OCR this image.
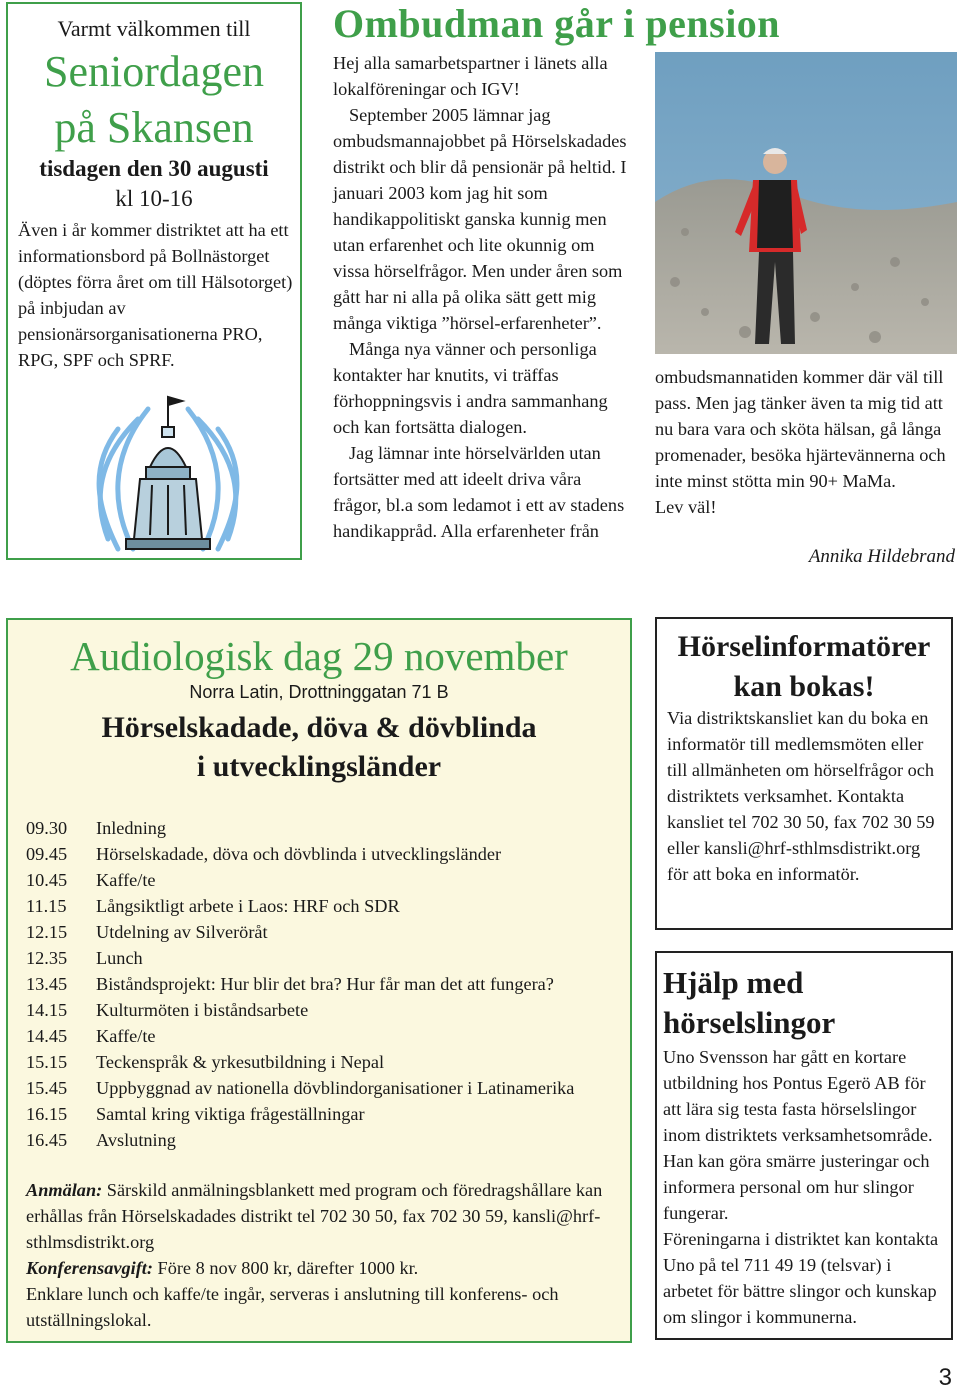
Varmt välkommen till
Seniordagen
på Skansen
tisdagen den 30 augusti
kl 10-16

Även i år kommer distriktet att ha ett informationsbord på Bollnästorget (döptes förra året om till Hälsotorget) på inbjudan av pensionärsorganisationerna PRO, RPG, SPF och SPRF.

Ombudman går i pension

Hej alla samarbetspartner i länets alla lokalföreningar och IGV!

September 2005 lämnar jag ombudsmannajobbet på Hörselskadades distrikt och blir då pensionär på heltid. I januari 2003 kom jag hit som handikappolitiskt ganska kunnig men utan erfarenhet och lite okunnig om vissa hörselfrågor. Men under åren som gått har ni alla på olika sätt gett mig många viktiga ”hörsel-erfarenheter”.

Många nya vänner och personliga kontakter har knutits, vi träffas förhoppningsvis i andra sammanhang och kan fortsätta dialogen.

Jag lämnar inte hörselvärlden utan fortsätter med att ideelt driva våra frågor, bl.a som ledamot i ett av stadens handikappråd. Alla erfarenheter från

ombudsmannatiden kommer där väl till pass. Men jag tänker även ta mig tid att nu bara vara och sköta hälsan, gå långa promenader, besöka hjärtevännerna och inte minst stötta min 90+ MaMa.

Lev väl!

Annika Hildebrand
Audiologisk dag 29 november
Norra Latin, Drottninggatan 71 B
Hörselskadade, döva & dövblinda
i utvecklingsländer
09.30 Inledning
09.45 Hörselskadade, döva och dövblinda i utvecklingsländer
10.45 Kaffe/te
11.15 Långsiktligt arbete i Laos: HRF och SDR
12.15 Utdelning av Silveröråt
12.35 Lunch
13.45 Biståndsprojekt: Hur blir det bra? Hur får man det att fungera?
14.15 Kulturmöten i biståndsarbete
14.45 Kaffe/te
15.15 Teckenspråk & yrkesutbildning i Nepal
15.45 Uppbyggnad av nationella dövblindorganisationer i Latinamerika
16.15 Samtal kring viktiga frågeställningar
16.45 Avslutning
Anmälan: Särskild anmälningsblankett med program och föredragshållare kan erhållas från Hörselskadades distrikt tel 702 30 50, fax 702 30 59, kansli@hrf-sthlmsdistrikt.org
Konferensavgift: Före 8 nov 800 kr, därefter 1000 kr.
Enklare lunch och kaffe/te ingår, serveras i anslutning till konferens- och utställningslokal.
Hörselinformatörer
kan bokas!

Via distriktskansliet kan du boka en informatör till medlemsmöten eller till allmänheten om hörselfrågor och distriktets verksamhet. Kontakta kansliet tel 702 30 50, fax 702 30 59 eller kansli@hrf-sthlmsdistrikt.org för att boka en informatör.

Hjälp med
hörselslingor

Uno Svensson har gått en kortare utbildning hos Pontus Egerö AB för att lära sig testa fasta hörselslingor inom distriktets verksamhetsområde. Han kan göra smärre justeringar och informera personal om hur slingor fungerar.

Föreningarna i distriktet kan kontakta Uno på tel 711 49 19 (telsvar) i arbetet för bättre slingor och kunskap om slingor i kommunerna.

3
